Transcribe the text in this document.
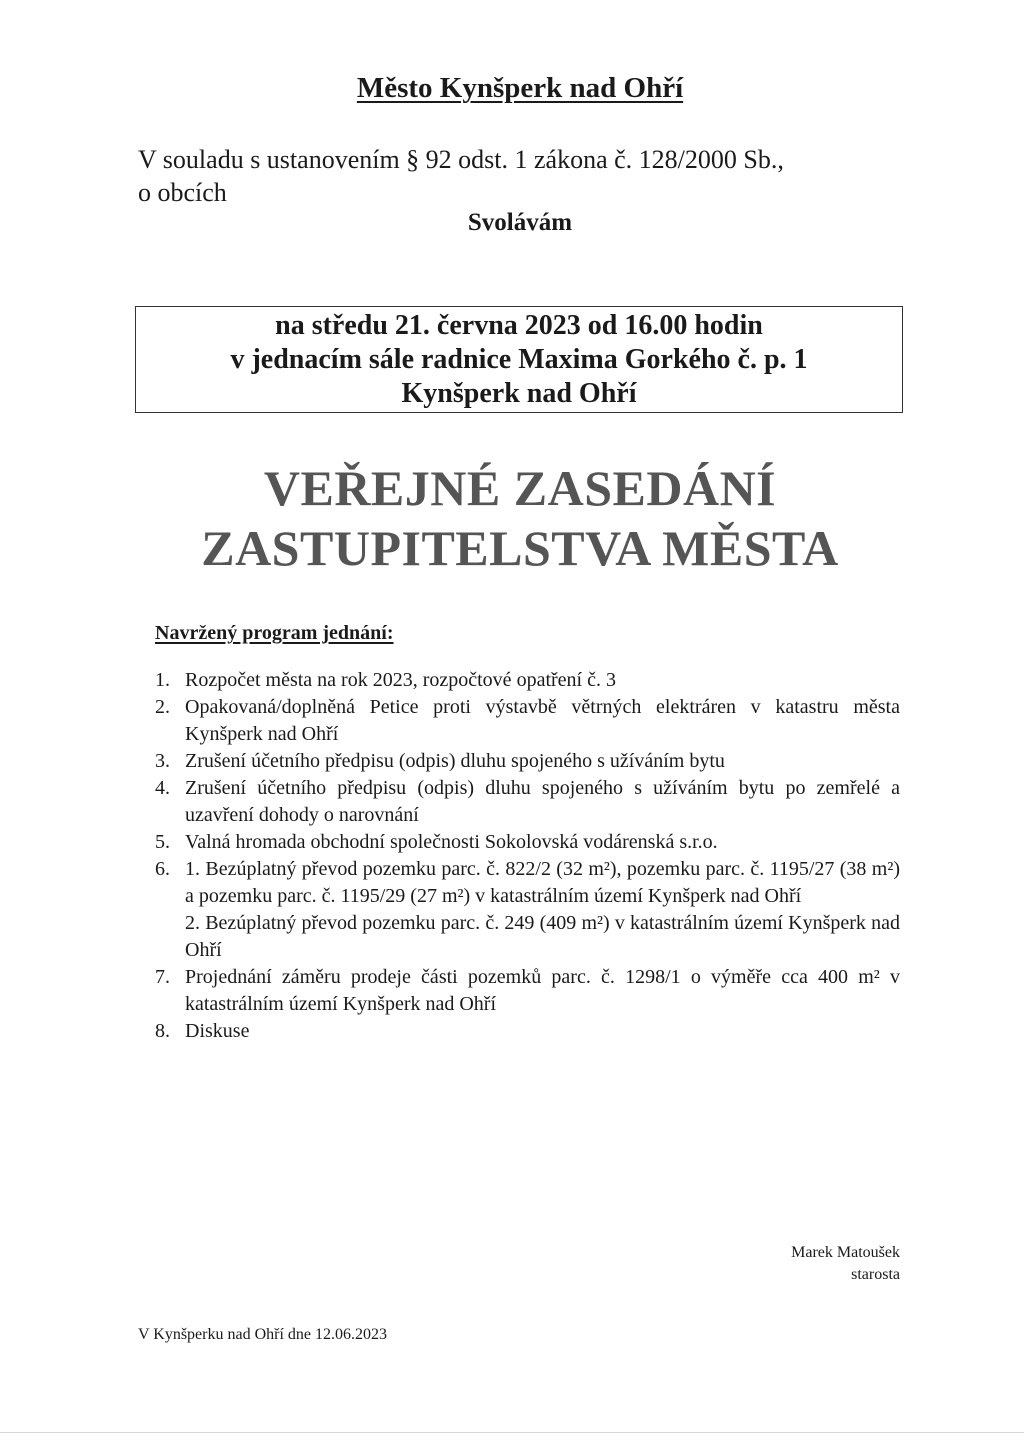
Město Kynšperk nad Ohří
V souladu s ustanovením § 92 odst. 1 zákona č. 128/2000 Sb.,
o obcích
Svolávám
na středu 21. června 2023 od 16.00 hodin
v jednacím sále radnice Maxima Gorkého č. p. 1
Kynšperk nad Ohří
VEŘEJNÉ ZASEDÁNÍ
ZASTUPITELSTVA MĚSTA
Navržený program jednání:
1. Rozpočet města na rok 2023, rozpočtové opatření č. 3
2. Opakovaná/doplněná Petice proti výstavbě větrných elektráren v katastru města Kynšperk nad Ohří
3. Zrušení účetního předpisu (odpis) dluhu spojeného s užíváním bytu
4. Zrušení účetního předpisu (odpis) dluhu spojeného s užíváním bytu po zemřelé a uzavření dohody o narovnání
5. Valná hromada obchodní společnosti Sokolovská vodárenská s.r.o.
6. 1. Bezúplatný převod pozemku parc. č. 822/2 (32 m²), pozemku parc. č. 1195/27 (38 m²) a pozemku parc. č. 1195/29 (27 m²) v katastrálním území Kynšperk nad Ohří
2. Bezúplatný převod pozemku parc. č. 249 (409 m²) v katastrálním území Kynšperk nad Ohří
7. Projednání záměru prodeje části pozemků parc. č. 1298/1 o výměře cca 400 m² v katastrálním území Kynšperk nad Ohří
8. Diskuse
Marek Matoušek
starosta
V Kynšperku nad Ohří dne 12.06.2023
